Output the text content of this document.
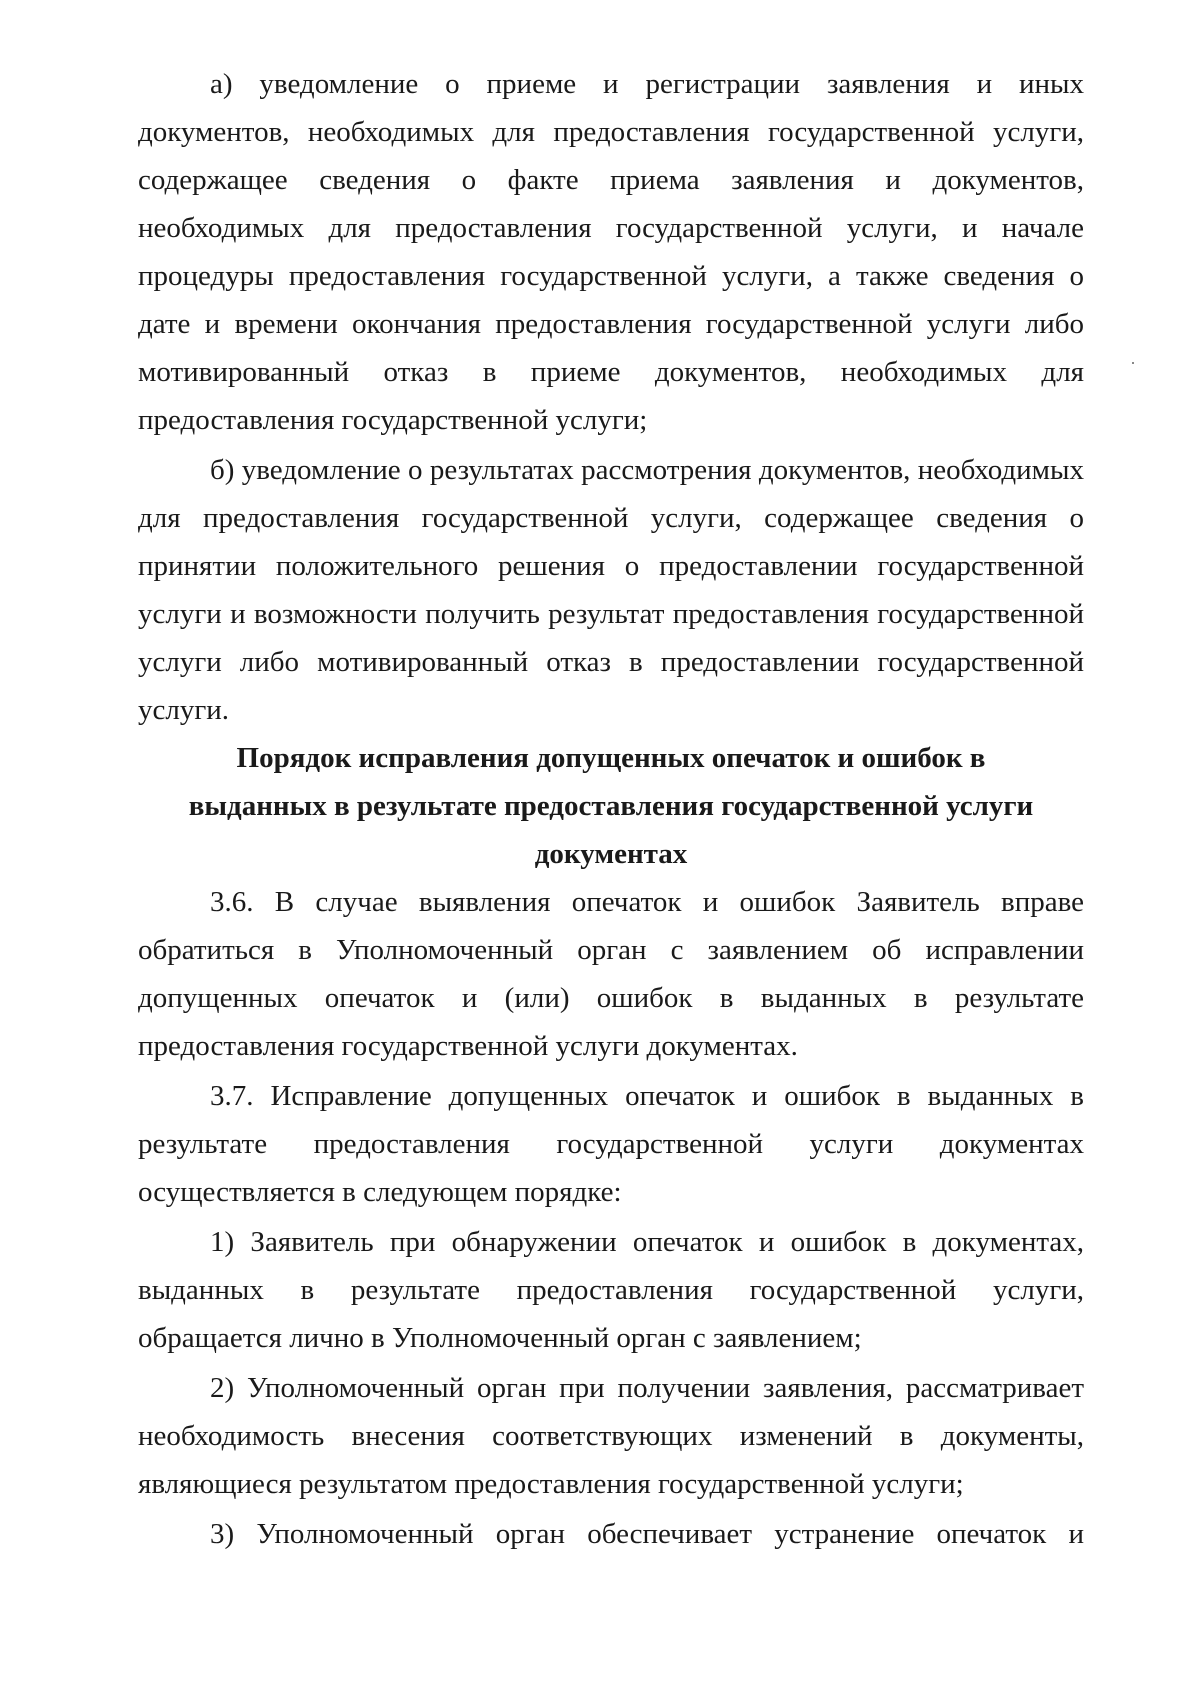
а) уведомление о приеме и регистрации заявления и иных документов, необходимых для предоставления государственной услуги, содержащее сведения о факте приема заявления и документов, необходимых для предоставления государственной услуги, и начале процедуры предоставления государственной услуги, а также сведения о дате и времени окончания предоставления государственной услуги либо мотивированный отказ в приеме документов, необходимых для предоставления государственной услуги;

б) уведомление о результатах рассмотрения документов, необходимых для предоставления государственной услуги, содержащее сведения о принятии положительного решения о предоставлении государственной услуги и возможности получить результат предоставления государственной услуги либо мотивированный отказ в предоставлении государственной услуги.

Порядок исправления допущенных опечаток и ошибок в выданных в результате предоставления государственной услуги документах

3.6. В случае выявления опечаток и ошибок Заявитель вправе обратиться в Уполномоченный орган с заявлением об исправлении допущенных опечаток и (или) ошибок в выданных в результате предоставления государственной услуги документах.

3.7. Исправление допущенных опечаток и ошибок в выданных в результате предоставления государственной услуги документах осуществляется в следующем порядке:

1) Заявитель при обнаружении опечаток и ошибок в документах, выданных в результате предоставления государственной услуги, обращается лично в Уполномоченный орган с заявлением;

2) Уполномоченный орган при получении заявления, рассматривает необходимость внесения соответствующих изменений в документы, являющиеся результатом предоставления государственной услуги;

3) Уполномоченный орган обеспечивает устранение опечаток и
